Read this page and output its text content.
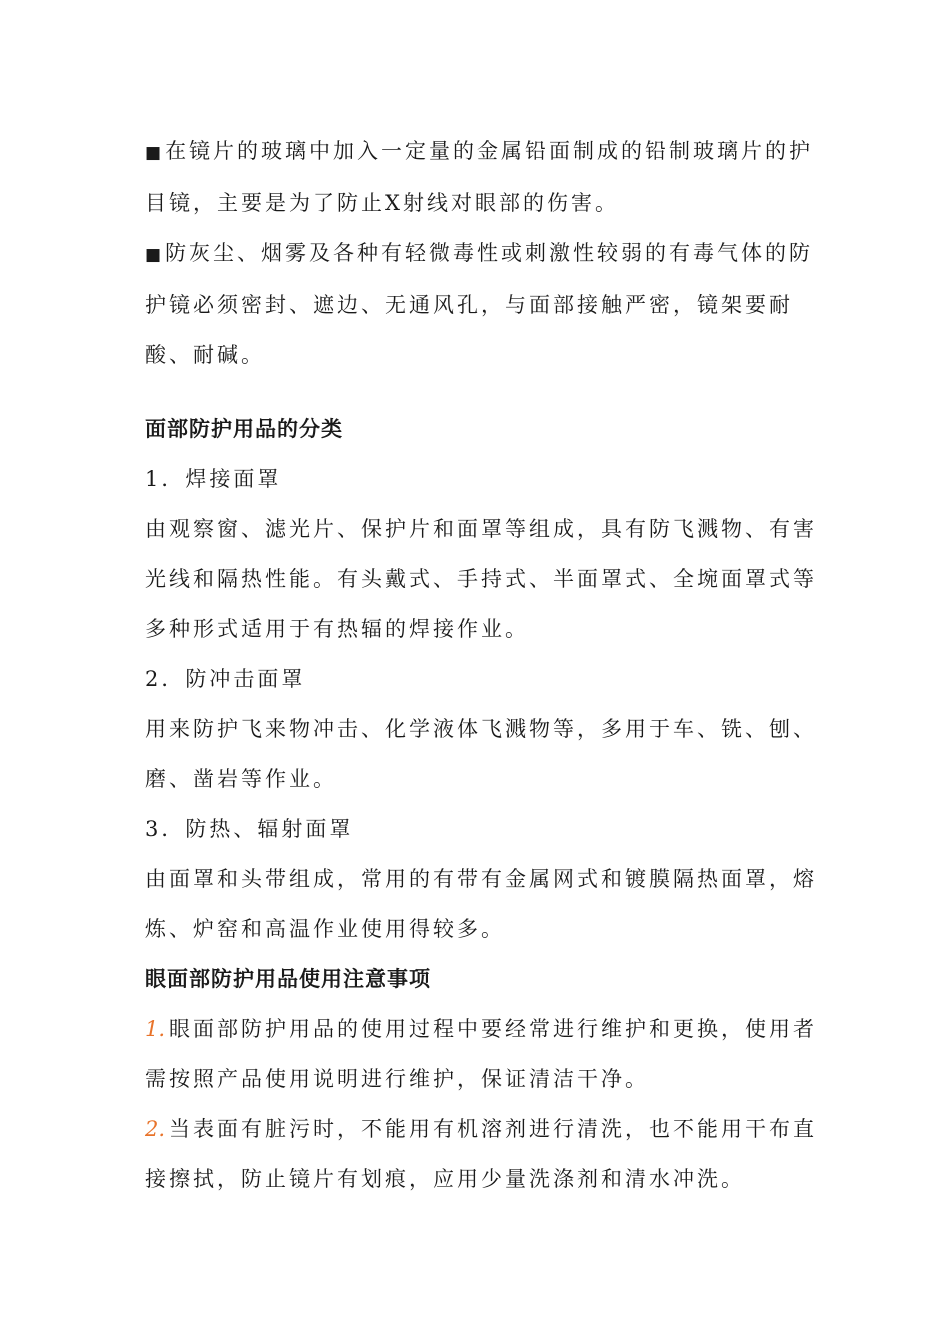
■ 在镜片的玻璃中加入一定量的金属铅面制成的铅制玻璃片的护目镜，主要是为了防止X射线对眼部的伤害。

■ 防灰尘、烟雾及各种有轻微毒性或刺激性较弱的有毒气体的防护镜必须密封、遮边、无通风孔，与面部接触严密，镜架要耐酸、耐碱。

面部防护用品的分类

1．焊接面罩

由观察窗、滤光片、保护片和面罩等组成，具有防飞溅物、有害光线和隔热性能。有头戴式、手持式、半面罩式、全埦面罩式等多种形式适用于有热辐的焊接作业。

2．防冲击面罩

用来防护飞来物冲击、化学液体飞溅物等，多用于车、铣、刨、磨、凿岩等作业。

3．防热、辐射面罩

由面罩和头带组成，常用的有带有金属网式和镀膜隔热面罩，熔炼、炉窑和高温作业使用得较多。

眼面部防护用品使用注意事项

1. 眼面部防护用品的使用过程中要经常进行维护和更换，使用者需按照产品使用说明进行维护，保证清洁干净。

2. 当表面有脏污时，不能用有机溶剂进行清洗，也不能用干布直接擦拭，防止镜片有划痕，应用少量洗涤剂和清水冲洗。
